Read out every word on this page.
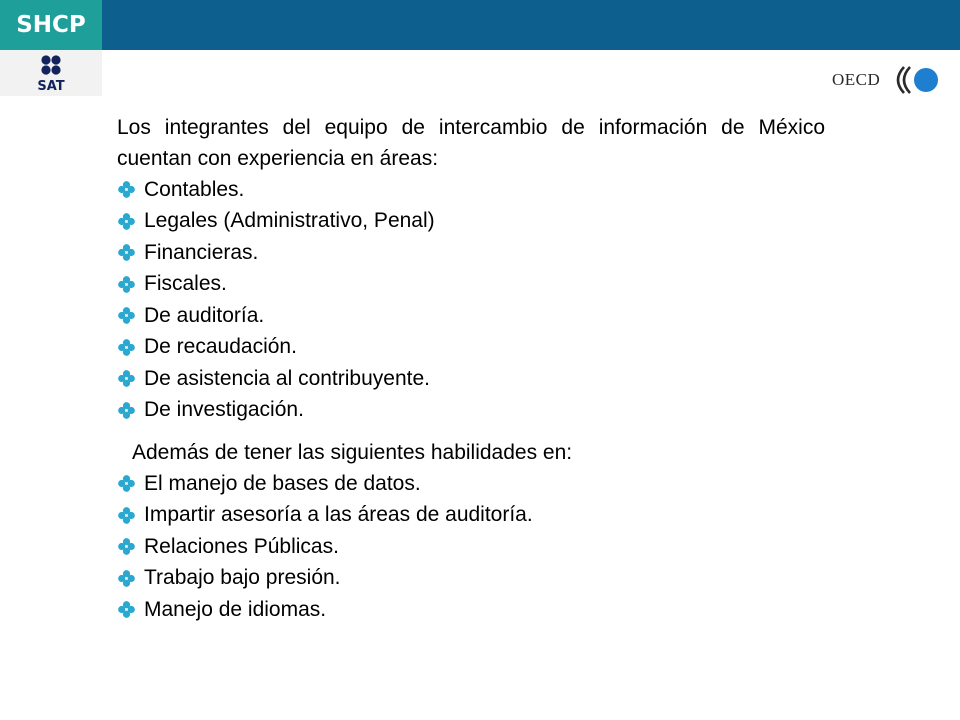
SHCP
SAT	OECD

Los integrantes del equipo de intercambio de información de México cuentan con experiencia en áreas:

Contables.
Legales (Administrativo, Penal)
Financieras.
Fiscales.
De auditoría.
De recaudación.
De asistencia al contribuyente.
De investigación.

Además de tener las siguientes habilidades en:

El manejo de bases de datos.
Impartir asesoría a las áreas de auditoría.
Relaciones Públicas.
Trabajo bajo presión.
Manejo de idiomas.
